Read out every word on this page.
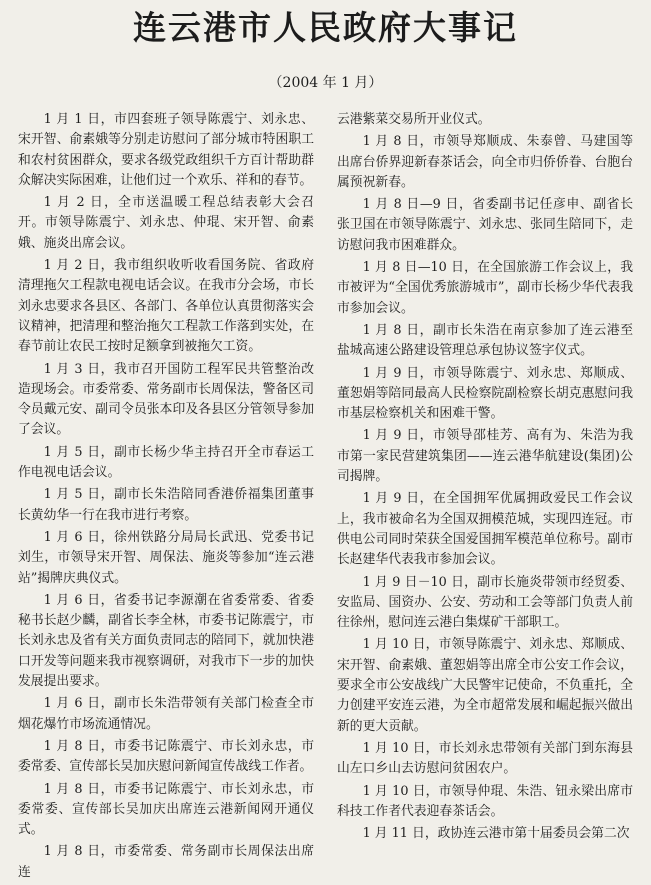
连云港市人民政府大事记
（2004 年 1 月）

1 月 1 日，市四套班子领导陈震宁、刘永忠、宋开智、俞素娥等分别走访慰问了部分城市特困职工和农村贫困群众，要求各级党政组织千方百计帮助群众解决实际困难，让他们过一个欢乐、祥和的春节。

1 月 2 日，全市送温暖工程总结表彰大会召开。市领导陈震宁、刘永忠、仲琨、宋开智、俞素娥、施炎出席会议。

1 月 2 日，我市组织收听收看国务院、省政府清理拖欠工程款电视电话会议。在我市分会场，市长刘永忠要求各县区、各部门、各单位认真贯彻落实会议精神，把清理和整治拖欠工程款工作落到实处，在春节前让农民工按时足额拿到被拖欠工资。

1 月 3 日，我市召开国防工程军民共管整治改造现场会。市委常委、常务副市长周保法，警备区司令员戴元安、副司令员张本印及各县区分管领导参加了会议。

1 月 5 日，副市长杨少华主持召开全市春运工作电视电话会议。

1 月 5 日，副市长朱浩陪同香港侨福集团董事长黄幼华一行在我市进行考察。

1 月 6 日，徐州铁路分局局长武迅、党委书记刘生，市领导宋开智、周保法、施炎等参加“连云港站”揭牌庆典仪式。

1 月 6 日，省委书记李源潮在省委常委、省委秘书长赵少麟，副省长李全林，市委书记陈震宁，市长刘永忠及省有关方面负责同志的陪同下，就加快港口开发等问题来我市视察调研，对我市下一步的加快发展提出要求。

1 月 6 日，副市长朱浩带领有关部门检查全市烟花爆竹市场流通情况。

1 月 8 日，市委书记陈震宁、市长刘永忠，市委常委、宣传部长吴加庆慰问新闻宣传战线工作者。

1 月 8 日，市委书记陈震宁、市长刘永忠，市委常委、宣传部长吴加庆出席连云港新闻网开通仪式。

1 月 8 日，市委常委、常务副市长周保法出席连

云港紫菜交易所开业仪式。

1 月 8 日，市领导郑顺成、朱泰曾、马建国等出席台侨界迎新春茶话会，向全市归侨侨眷、台胞台属预祝新春。

1 月 8 日—9 日，省委副书记任彦申、副省长张卫国在市领导陈震宁、刘永忠、张同生陪同下，走访慰问我市困难群众。

1 月 8 日—10 日，在全国旅游工作会议上，我市被评为“全国优秀旅游城市”，副市长杨少华代表我市参加会议。

1 月 8 日，副市长朱浩在南京参加了连云港至盐城高速公路建设管理总承包协议签字仪式。

1 月 9 日，市领导陈震宁、刘永忠、郑顺成、董恕娟等陪同最高人民检察院副检察长胡克惠慰问我市基层检察机关和困难干警。

1 月 9 日，市领导邵桂芳、高有为、朱浩为我市第一家民营建筑集团——连云港华航建设(集团)公司揭牌。

1 月 9 日，在全国拥军优属拥政爱民工作会议上，我市被命名为全国双拥模范城，实现四连冠。市供电公司同时荣获全国爱国拥军模范单位称号。副市长赵建华代表我市参加会议。

1 月 9 日－10 日，副市长施炎带领市经贸委、安监局、国资办、公安、劳动和工会等部门负责人前往徐州，慰问连云港白集煤矿干部职工。

1 月 10 日，市领导陈震宁、刘永忠、郑顺成、宋开智、俞素娥、董恕娟等出席全市公安工作会议，要求全市公安战线广大民警牢记使命，不负重托，全力创建平安连云港，为全市超常发展和崛起振兴做出新的更大贡献。

1 月 10 日，市长刘永忠带领有关部门到东海县山左口乡山去访慰问贫困农户。

1 月 10 日，市领导仲琨、朱浩、钮永梁出席市科技工作者代表迎春茶话会。

1 月 11 日，政协连云港市第十届委员会第二次
